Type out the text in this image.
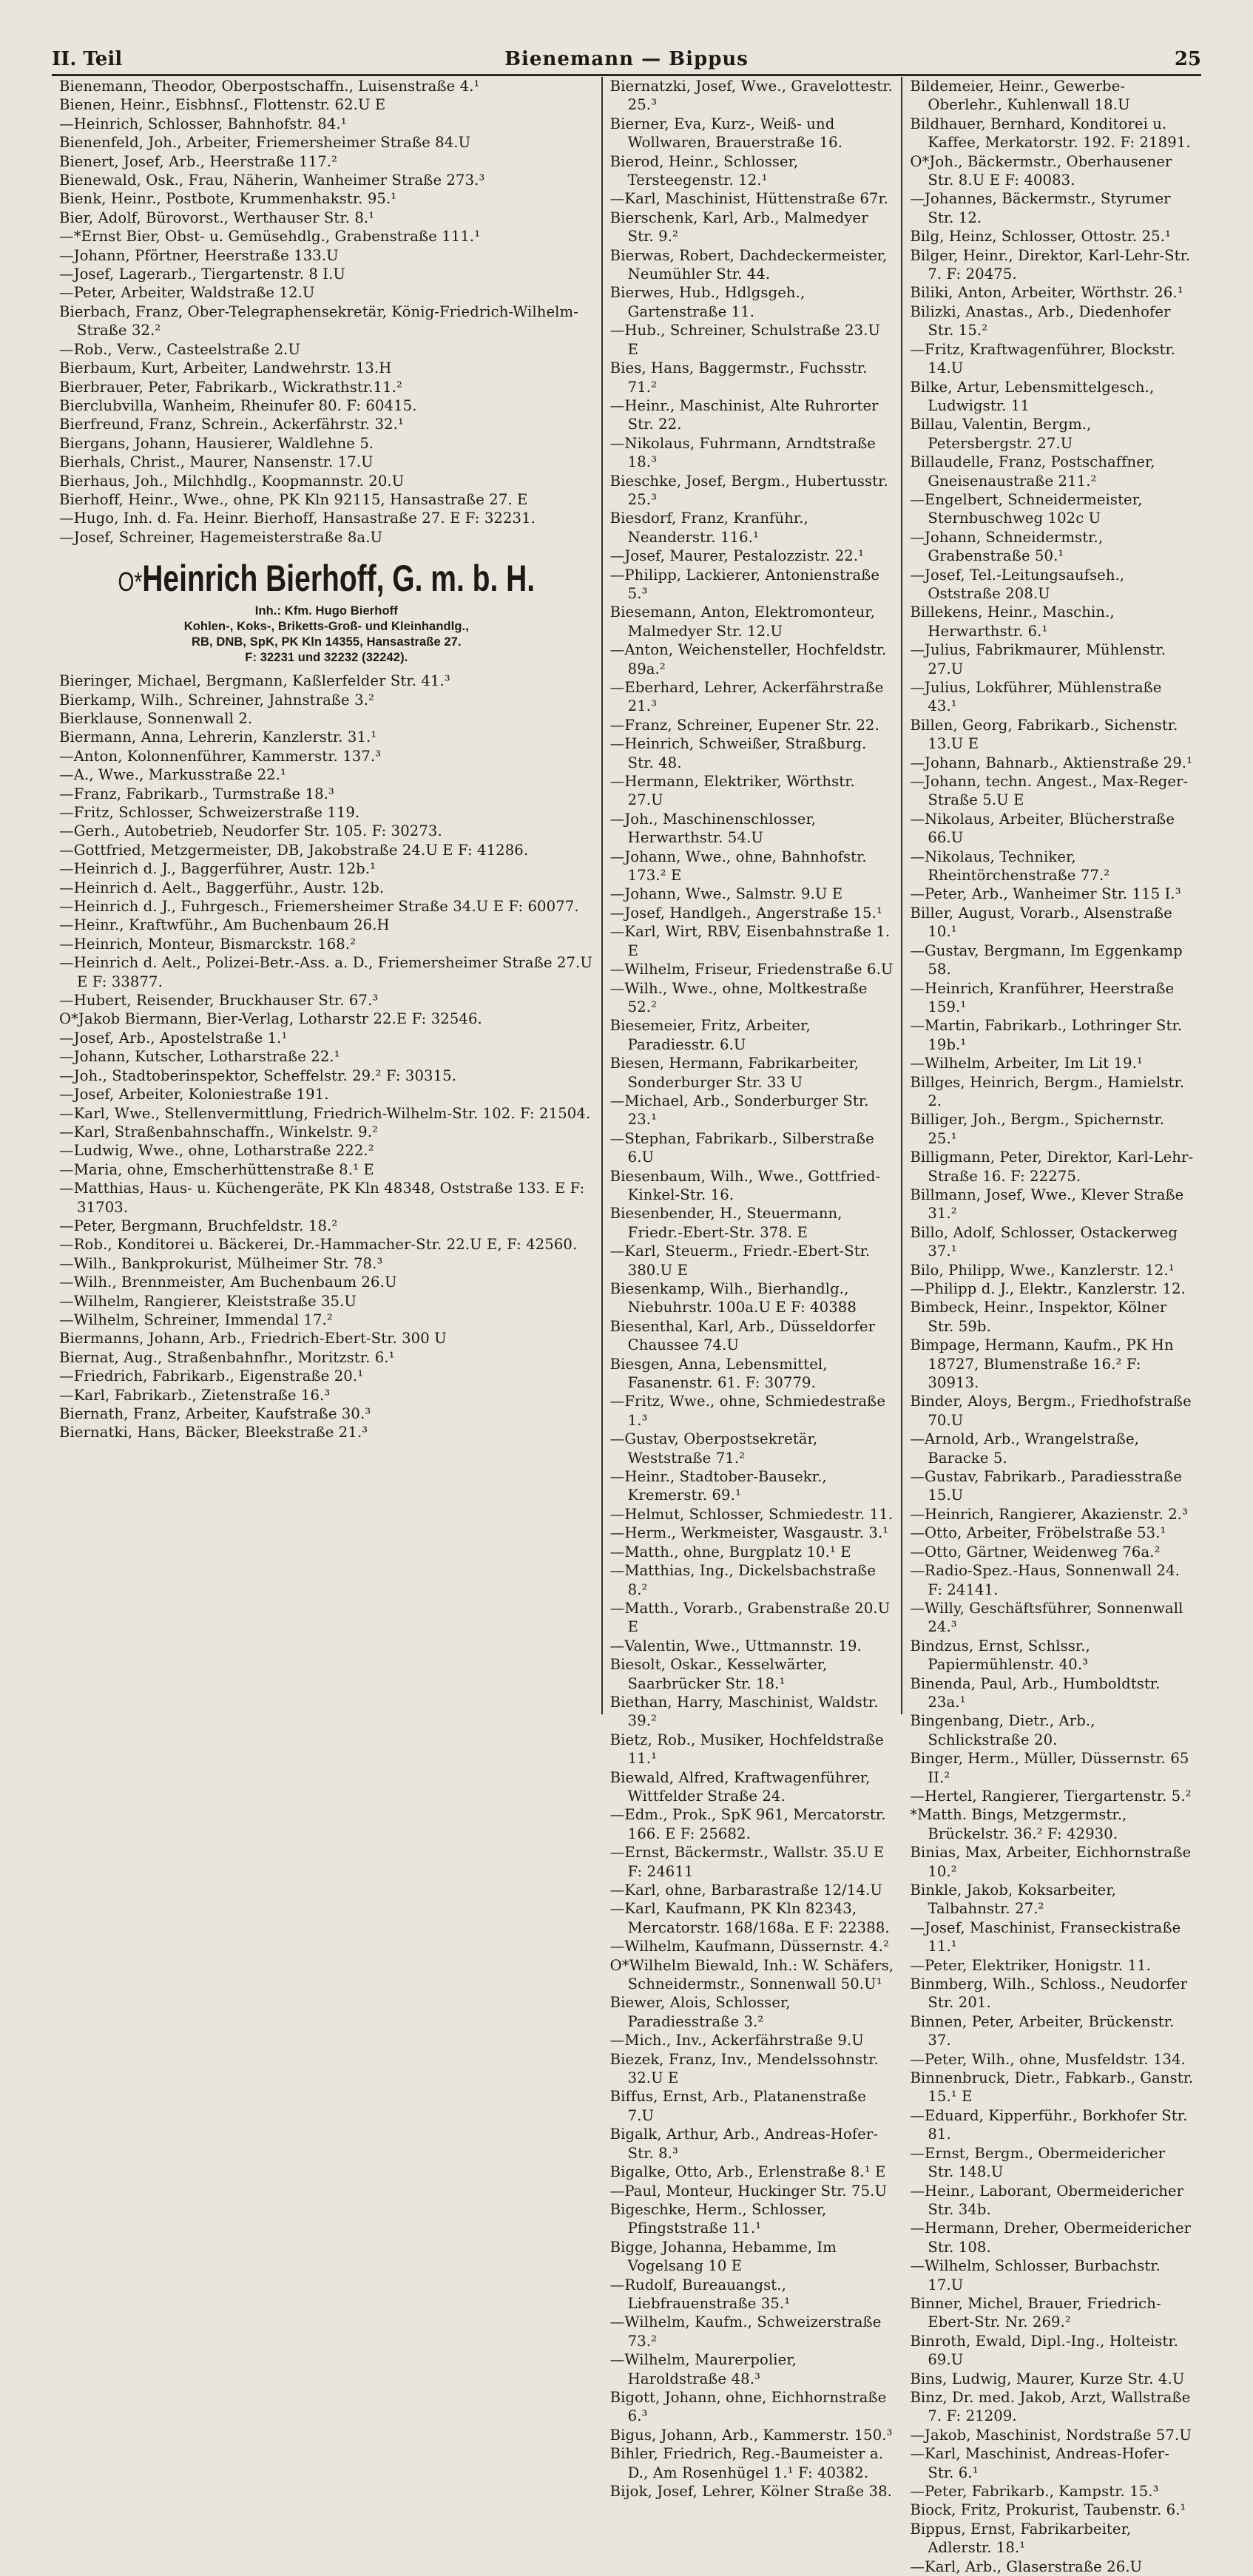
II. Teil	Bienemann — Bippus	25

Bienemann, Theodor, Oberpostschaffn., Luisenstraße 4.¹

Bienen, Heinr., Eisbhnsſ., Flottenstr. 62.U E

—Heinrich, Schlosser, Bahnhofstr. 84.¹

Bienenfeld, Joh., Arbeiter, Friemersheimer Straße 84.U

Bienert, Josef, Arb., Heerstraße 117.²

Bienewald, Osk., Frau, Näherin, Wanheimer Straße 273.³

Bienk, Heinr., Postbote, Krummenhakstr. 95.¹

Bier, Adolf, Bürovorst., Werthauser Str. 8.¹

—*Ernst Bier, Obst- u. Gemüsehdlg., Grabenstraße 111.¹

—Johann, Pförtner, Heerstraße 133.U

—Josef, Lagerarb., Tiergartenstr. 8 I.U

—Peter, Arbeiter, Waldstraße 12.U

Bierbach, Franz, Ober-Telegraphensekretär, König-Friedrich-Wilhelm-Straße 32.²

—Rob., Verw., Casteelstraße 2.U

Bierbaum, Kurt, Arbeiter, Landwehrstr. 13.H

Bierbrauer, Peter, Fabrikarb., Wickrathstr.11.²

Bierclubvilla, Wanheim, Rheinufer 80. F: 60415.

Bierfreund, Franz, Schrein., Ackerfährstr. 32.¹

Biergans, Johann, Hausierer, Waldlehne 5.

Bierhals, Christ., Maurer, Nansenstr. 17.U

Bierhaus, Joh., Milchhdlg., Koopmannstr. 20.U

Bierhoff, Heinr., Wwe., ohne, PK Kln 92115, Hansastraße 27. E

—Hugo, Inh. d. Fa. Heinr. Bierhoff, Hansastraße 27. E F: 32231.

—Josef, Schreiner, Hagemeisterstraße 8a.U

O*Heinrich Bierhoff, G. m. b. H.
Inh.: Kfm. Hugo Bierhoff
Kohlen-, Koks-, Briketts-Groß- und Kleinhandlg.,
RB, DNB, SpK, PK Kln 14355, Hansastraße 27.
F: 32231 und 32232 (32242).

Bieringer, Michael, Bergmann, Kaßlerfelder Str. 41.³

Bierkamp, Wilh., Schreiner, Jahnstraße 3.²

Bierklause, Sonnenwall 2.

Biermann, Anna, Lehrerin, Kanzlerstr. 31.¹

—Anton, Kolonnenführer, Kammerstr. 137.³

—A., Wwe., Markusstraße 22.¹

—Franz, Fabrikarb., Turmstraße 18.³

—Fritz, Schlosser, Schweizerstraße 119.

—Gerh., Autobetrieb, Neudorfer Str. 105. F: 30273.

—Gottfried, Metzgermeister, DB, Jakobstraße 24.U E F: 41286.

—Heinrich d. J., Baggerführer, Austr. 12b.¹

—Heinrich d. Aelt., Baggerführ., Austr. 12b.

—Heinrich d. J., Fuhrgesch., Friemersheimer Straße 34.U E F: 60077.

—Heinr., Kraftwführ., Am Buchenbaum 26.H

—Heinrich, Monteur, Bismarckstr. 168.²

—Heinrich d. Aelt., Polizei-Betr.-Ass. a. D., Friemersheimer Straße 27.U E F: 33877.

—Hubert, Reisender, Bruckhauser Str. 67.³

O*Jakob Biermann, Bier-Verlag, Lotharstr 22.E F: 32546.

—Josef, Arb., Apostelstraße 1.¹

—Johann, Kutscher, Lotharstraße 22.¹

—Joh., Stadtoberinspektor, Scheffelstr. 29.² F: 30315.

—Josef, Arbeiter, Koloniestraße 191.

—Karl, Wwe., Stellenvermittlung, Friedrich-Wilhelm-Str. 102. F: 21504.

—Karl, Straßenbahnschaffn., Winkelstr. 9.²

—Ludwig, Wwe., ohne, Lotharstraße 222.²

—Maria, ohne, Emscherhüttenstraße 8.¹ E

—Matthias, Haus- u. Küchengeräte, PK Kln 48348, Oststraße 133. E F: 31703.

—Peter, Bergmann, Bruchfeldstr. 18.²

—Rob., Konditorei u. Bäckerei, Dr.-Hammacher-Str. 22.U E, F: 42560.

—Wilh., Bankprokurist, Mülheimer Str. 78.³

—Wilh., Brennmeister, Am Buchenbaum 26.U

—Wilhelm, Rangierer, Kleiststraße 35.U

—Wilhelm, Schreiner, Immendal 17.²

Biermanns, Johann, Arb., Friedrich-Ebert-Str. 300 U

Biernat, Aug., Straßenbahnfhr., Moritzstr. 6.¹

—Friedrich, Fabrikarb., Eigenstraße 20.¹

—Karl, Fabrikarb., Zietenstraße 16.³

Biernath, Franz, Arbeiter, Kaufstraße 30.³

Biernatki, Hans, Bäcker, Bleekstraße 21.³

Biernatzki, Josef, Wwe., Gravelottestr. 25.³

Bierner, Eva, Kurz-, Weiß- und Wollwaren, Brauerstraße 16.

Bierod, Heinr., Schlosser, Tersteegenstr. 12.¹

—Karl, Maschinist, Hüttenstraße 67r.

Bierschenk, Karl, Arb., Malmedyer Str. 9.²

Bierwas, Robert, Dachdeckermeister, Neumühler Str. 44.

Bierwes, Hub., Hdlgsgeh., Gartenstraße 11.

—Hub., Schreiner, Schulstraße 23.U E

Bies, Hans, Baggermstr., Fuchsstr. 71.²

—Heinr., Maschinist, Alte Ruhrorter Str. 22.

—Nikolaus, Fuhrmann, Arndtstraße 18.³

Bieschke, Josef, Bergm., Hubertusstr. 25.³

Biesdorf, Franz, Kranführ., Neanderstr. 116.¹

—Josef, Maurer, Pestalozzistr. 22.¹

—Philipp, Lackierer, Antonienstraße 5.³

Biesemann, Anton, Elektromonteur, Malmedyer Str. 12.U

—Anton, Weichensteller, Hochfeldstr. 89a.²

—Eberhard, Lehrer, Ackerfährstraße 21.³

—Franz, Schreiner, Eupener Str. 22.

—Heinrich, Schweißer, Straßburg. Str. 48.

—Hermann, Elektriker, Wörthstr. 27.U

—Joh., Maschinenschlosser, Herwarthstr. 54.U

—Johann, Wwe., ohne, Bahnhofstr. 173.² E

—Johann, Wwe., Salmstr. 9.U E

—Josef, Handlgeh., Angerstraße 15.¹

—Karl, Wirt, RBV, Eisenbahnstraße 1. E

—Wilhelm, Friseur, Friedenstraße 6.U

—Wilh., Wwe., ohne, Moltkestraße 52.²

Biesemeier, Fritz, Arbeiter, Paradiesstr. 6.U

Biesen, Hermann, Fabrikarbeiter, Sonderburger Str. 33 U

—Michael, Arb., Sonderburger Str. 23.¹

—Stephan, Fabrikarb., Silberstraße 6.U

Biesenbaum, Wilh., Wwe., Gottfried-Kinkel-Str. 16.

Biesenbender, H., Steuermann, Friedr.-Ebert-Str. 378. E

—Karl, Steuerm., Friedr.-Ebert-Str. 380.U E

Biesenkamp, Wilh., Bierhandlg., Niebuhrstr. 100a.U E F: 40388

Biesenthal, Karl, Arb., Düsseldorfer Chaussee 74.U

Biesgen, Anna, Lebensmittel, Fasanenstr. 61. F: 30779.

—Fritz, Wwe., ohne, Schmiedestraße 1.³

—Gustav, Oberpostsekretär, Weststraße 71.²

—Heinr., Stadtober-Bausekr., Kremerstr. 69.¹

—Helmut, Schlosser, Schmiedestr. 11.

—Herm., Werkmeister, Wasgaustr. 3.¹

—Matth., ohne, Burgplatz 10.¹ E

—Matthias, Ing., Dickelsbachstraße 8.²

—Matth., Vorarb., Grabenstraße 20.U E

—Valentin, Wwe., Uttmannstr. 19.

Biesolt, Oskar., Kesselwärter, Saarbrücker Str. 18.¹

Biethan, Harry, Maschinist, Waldstr. 39.²

Bietz, Rob., Musiker, Hochfeldstraße 11.¹

Biewald, Alfred, Kraftwagenführer, Wittfelder Straße 24.

—Edm., Prok., SpK 961, Mercatorstr. 166. E F: 25682.

—Ernst, Bäckermstr., Wallstr. 35.U E F: 24611

—Karl, ohne, Barbarastraße 12/14.U

—Karl, Kaufmann, PK Kln 82343, Mercatorstr. 168/168a. E F: 22388.

—Wilhelm, Kaufmann, Düssernstr. 4.²

O*Wilhelm Biewald, Inh.: W. Schäfers, Schneidermstr., Sonnenwall 50.U¹

Biewer, Alois, Schlosser, Paradiesstraße 3.²

—Mich., Inv., Ackerfährstraße 9.U

Biezek, Franz, Inv., Mendelssohnstr. 32.U E

Biffus, Ernst, Arb., Platanenstraße 7.U

Bigalk, Arthur, Arb., Andreas-Hofer-Str. 8.³

Bigalke, Otto, Arb., Erlenstraße 8.¹ E

—Paul, Monteur, Huckinger Str. 75.U

Bigeschke, Herm., Schlosser, Pfingststraße 11.¹

Bigge, Johanna, Hebamme, Im Vogelsang 10 E

—Rudolf, Bureauangst., Liebfrauenstraße 35.¹

—Wilhelm, Kaufm., Schweizerstraße 73.²

—Wilhelm, Maurerpolier, Haroldstraße 48.³

Bigott, Johann, ohne, Eichhornstraße 6.³

Bigus, Johann, Arb., Kammerstr. 150.³

Bihler, Friedrich, Reg.-Baumeister a. D., Am Rosenhügel 1.¹ F: 40382.

Bijok, Josef, Lehrer, Kölner Straße 38.

Bildemeier, Heinr., Gewerbe-Oberlehr., Kuhlenwall 18.U

Bildhauer, Bernhard, Konditorei u. Kaffee, Merkatorstr. 192. F: 21891.

O*Joh., Bäckermstr., Oberhausener Str. 8.U E F: 40083.

—Johannes, Bäckermstr., Styrumer Str. 12.

Bilg, Heinz, Schlosser, Ottostr. 25.¹

Bilger, Heinr., Direktor, Karl-Lehr-Str. 7. F: 20475.

Biliki, Anton, Arbeiter, Wörthstr. 26.¹

Bilizki, Anastas., Arb., Diedenhofer Str. 15.²

—Fritz, Kraftwagenführer, Blockstr. 14.U

Bilke, Artur, Lebensmittelgesch., Ludwigstr. 11

Billau, Valentin, Bergm., Petersbergstr. 27.U

Billaudelle, Franz, Postschaffner, Gneisenaustraße 211.²

—Engelbert, Schneidermeister, Sternbuschweg 102c U

—Johann, Schneidermstr., Grabenstraße 50.¹

—Josef, Tel.-Leitungsaufseh., Oststraße 208.U

Billekens, Heinr., Maschin., Herwarthstr. 6.¹

—Julius, Fabrikmaurer, Mühlenstr. 27.U

—Julius, Lokführer, Mühlenstraße 43.¹

Billen, Georg, Fabrikarb., Sichenstr. 13.U E

—Johann, Bahnarb., Aktienstraße 29.¹

—Johann, techn. Angest., Max-Reger-Straße 5.U E

—Nikolaus, Arbeiter, Blücherstraße 66.U

—Nikolaus, Techniker, Rheintörchenstraße 77.²

—Peter, Arb., Wanheimer Str. 115 I.³

Biller, August, Vorarb., Alsenstraße 10.¹

—Gustav, Bergmann, Im Eggenkamp 58.

—Heinrich, Kranführer, Heerstraße 159.¹

—Martin, Fabrikarb., Lothringer Str. 19b.¹

—Wilhelm, Arbeiter, Im Lit 19.¹

Billges, Heinrich, Bergm., Hamielstr. 2.

Billiger, Joh., Bergm., Spichernstr. 25.¹

Billigmann, Peter, Direktor, Karl-Lehr-Straße 16. F: 22275.

Billmann, Josef, Wwe., Klever Straße 31.²

Billo, Adolf, Schlosser, Ostackerweg 37.¹

Bilo, Philipp, Wwe., Kanzlerstr. 12.¹

—Philipp d. J., Elektr., Kanzlerstr. 12.

Bimbeck, Heinr., Inspektor, Kölner Str. 59b.

Bimpage, Hermann, Kaufm., PK Hn 18727, Blumenstraße 16.² F: 30913.

Binder, Aloys, Bergm., Friedhofstraße 70.U

—Arnold, Arb., Wrangelstraße, Baracke 5.

—Gustav, Fabrikarb., Paradiesstraße 15.U

—Heinrich, Rangierer, Akazienstr. 2.³

—Otto, Arbeiter, Fröbelstraße 53.¹

—Otto, Gärtner, Weidenweg 76a.²

—Radio-Spez.-Haus, Sonnenwall 24. F: 24141.

—Willy, Geschäftsführer, Sonnenwall 24.³

Bindzus, Ernst, Schlssr., Papiermühlenstr. 40.³

Binenda, Paul, Arb., Humboldtstr. 23a.¹

Bingenbang, Dietr., Arb., Schlickstraße 20.

Binger, Herm., Müller, Düssernstr. 65 II.²

—Hertel, Rangierer, Tiergartenstr. 5.²

*Matth. Bings, Metzgermstr., Brückelstr. 36.² F: 42930.

Binias, Max, Arbeiter, Eichhornstraße 10.²

Binkle, Jakob, Koksarbeiter, Talbahnstr. 27.²

—Josef, Maschinist, Franseckistraße 11.¹

—Peter, Elektriker, Honigstr. 11.

Binmberg, Wilh., Schloss., Neudorfer Str. 201.

Binnen, Peter, Arbeiter, Brückenstr. 37.

—Peter, Wilh., ohne, Musfeldstr. 134.

Binnenbruck, Dietr., Fabkarb., Ganstr. 15.¹ E

—Eduard, Kipperführ., Borkhofer Str. 81.

—Ernst, Bergm., Obermeidericher Str. 148.U

—Heinr., Laborant, Obermeidericher Str. 34b.

—Hermann, Dreher, Obermeidericher Str. 108.

—Wilhelm, Schlosser, Burbachstr. 17.U

Binner, Michel, Brauer, Friedrich-Ebert-Str. Nr. 269.²

Binroth, Ewald, Dipl.-Ing., Holteistr. 69.U

Bins, Ludwig, Maurer, Kurze Str. 4.U

Binz, Dr. med. Jakob, Arzt, Wallstraße 7. F: 21209.

—Jakob, Maschinist, Nordstraße 57.U

—Karl, Maschinist, Andreas-Hofer-Str. 6.¹

—Peter, Fabrikarb., Kampstr. 15.³

Biock, Fritz, Prokurist, Taubenstr. 6.¹

Bippus, Ernst, Fabrikarbeiter, Adlerstr. 18.¹

—Karl, Arb., Glaserstraße 26.U
